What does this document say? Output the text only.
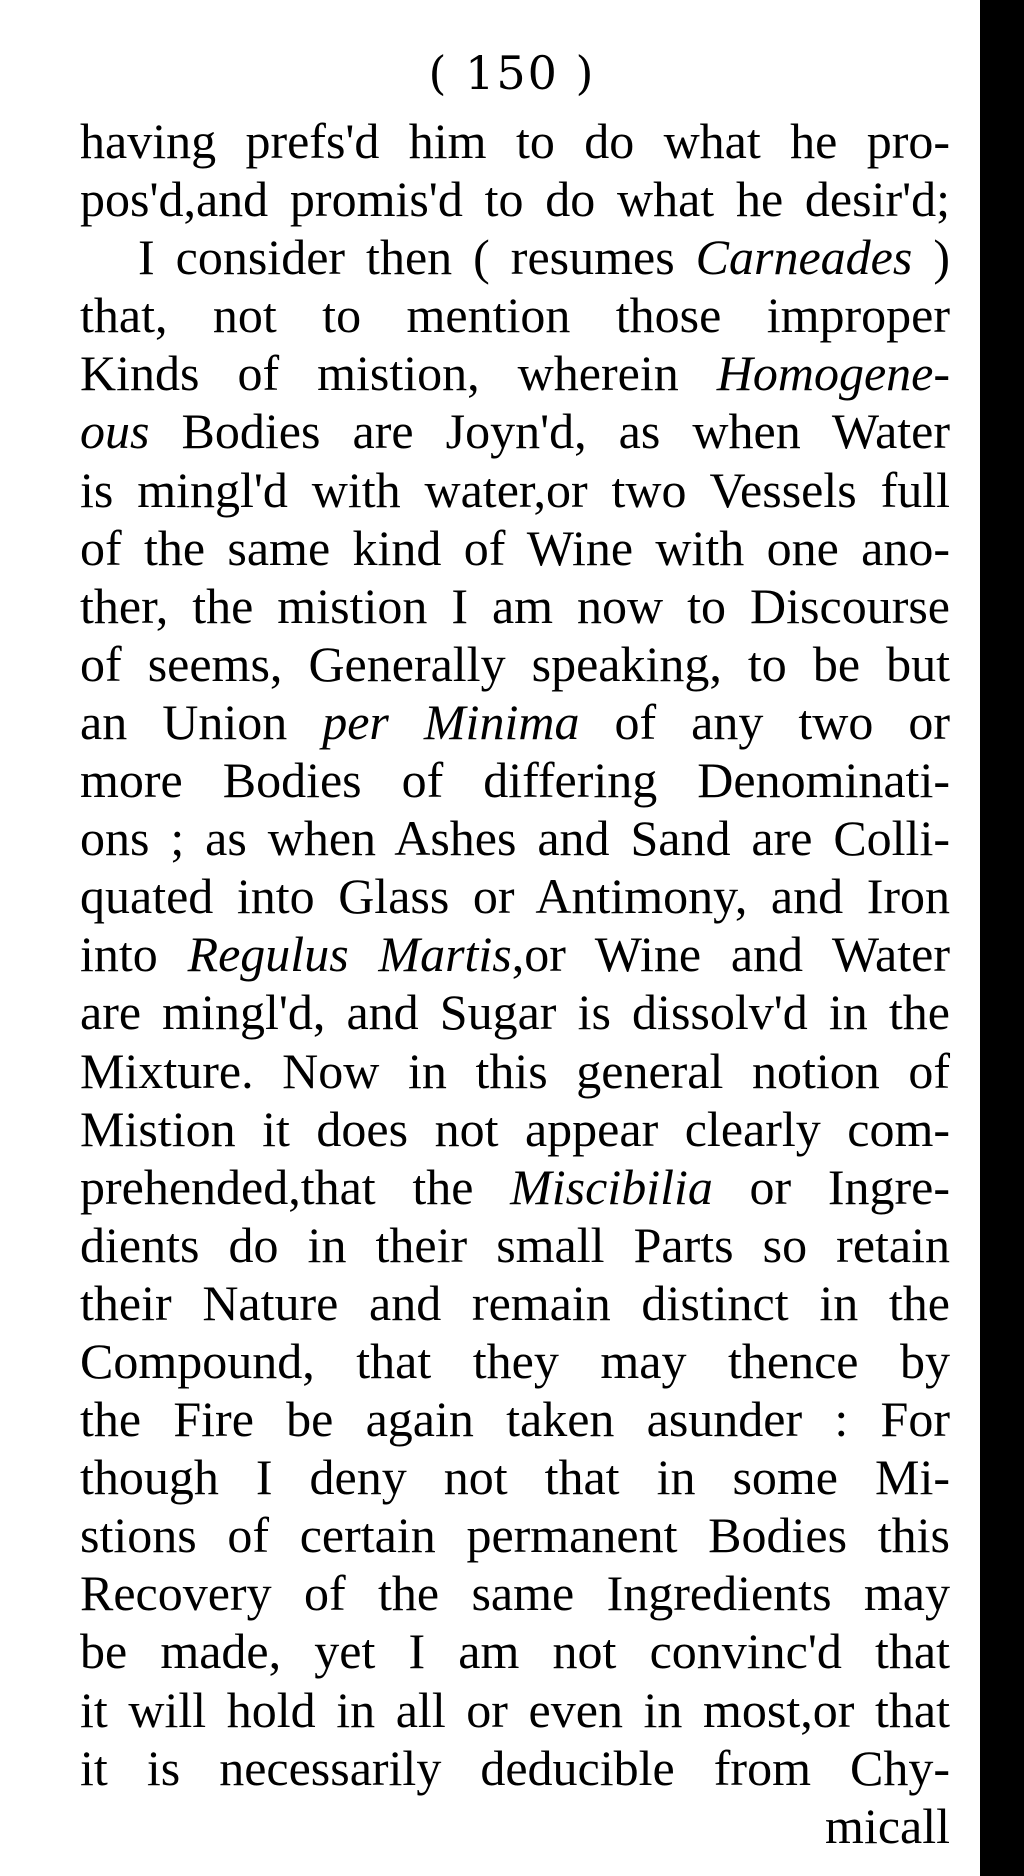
( 150 )
having prefs'd him to do what he pro-
pos'd,and promis'd to do what he desir'd;
I consider then ( resumes Carneades )
that, not to mention those improper
Kinds of mistion, wherein Homogene-
ous Bodies are Joyn'd, as when Water
is mingl'd with water,or two Vessels full
of the same kind of Wine with one ano-
ther, the mistion I am now to Discourse
of seems, Generally speaking, to be but
an Union per Minima of any two or
more Bodies of differing Denominati-
ons ; as when Ashes and Sand are Colli-
quated into Glass or Antimony, and Iron
into Regulus Martis,or Wine and Water
are mingl'd, and Sugar is dissolv'd in the
Mixture. Now in this general notion of
Mistion it does not appear clearly com-
prehended,that the Miscibilia or Ingre-
dients do in their small Parts so retain
their Nature and remain distinct in the
Compound, that they may thence by
the Fire be again taken asunder : For
though I deny not that in some Mi-
stions of certain permanent Bodies this
Recovery of the same Ingredients may
be made, yet I am not convinc'd that
it will hold in all or even in most,or that
it is necessarily deducible from Chy-
micall
